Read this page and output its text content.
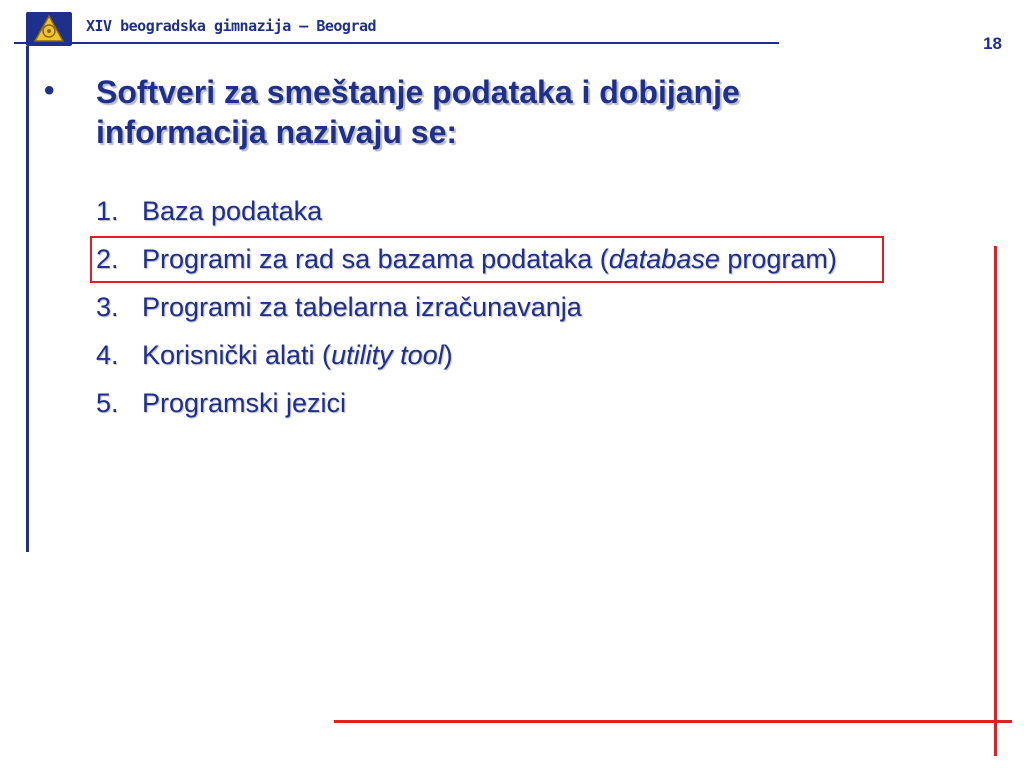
XIV beogradska gimnazija – Beograd
18
• Softveri za smeštanje podataka i dobijanje informacija nazivaju se:
1. Baza podataka
2. Programi za rad sa bazama podataka (database program)
3. Programi za tabelarna izračunavanja
4. Korisnički alati (utility tool)
5. Programski jezici
